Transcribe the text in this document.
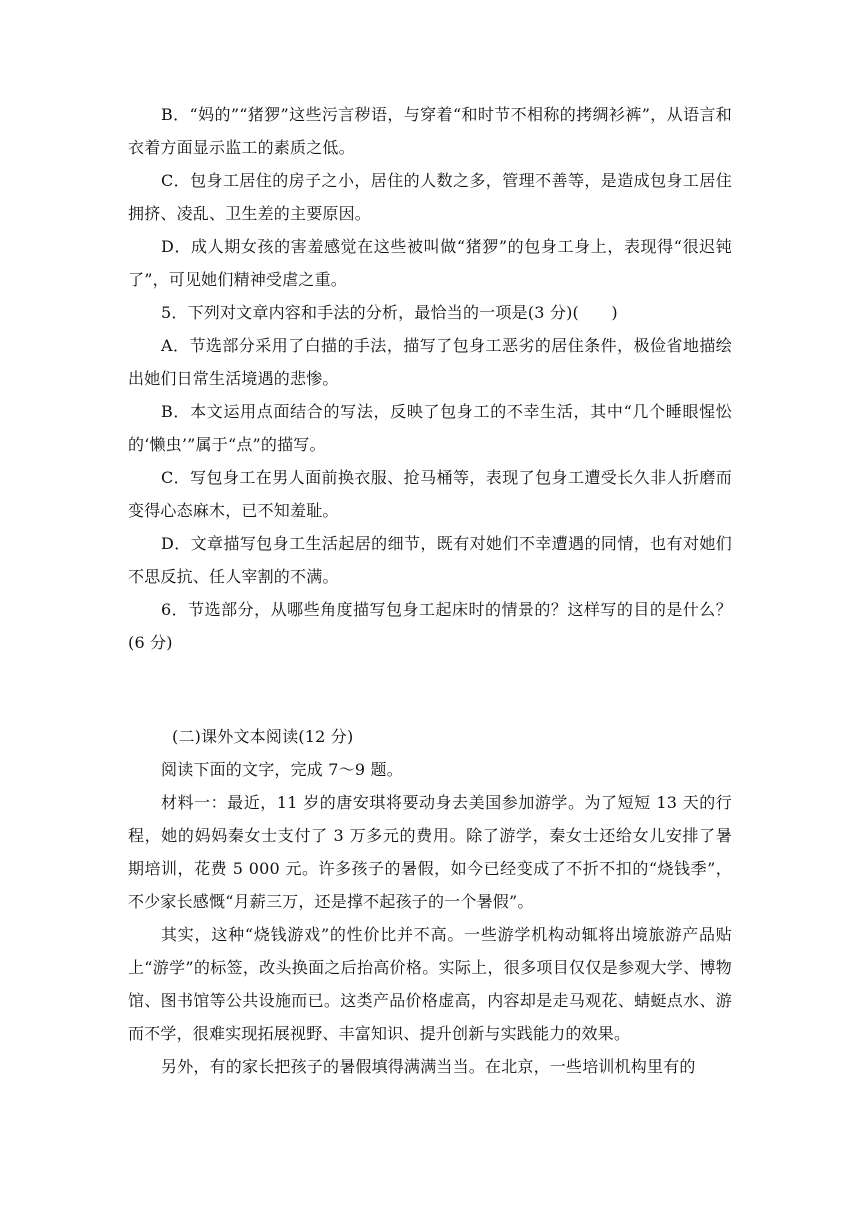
B．“妈的”“猪猡”这些污言秽语，与穿着“和时节不相称的拷绸衫裤”，从语言和衣着方面显示监工的素质之低。

C．包身工居住的房子之小，居住的人数之多，管理不善等，是造成包身工居住拥挤、凌乱、卫生差的主要原因。

D．成人期女孩的害羞感觉在这些被叫做“猪猡”的包身工身上，表现得“很迟钝了”，可见她们精神受虐之重。

5．下列对文章内容和手法的分析，最恰当的一项是(3 分)(　　)

A．节选部分采用了白描的手法，描写了包身工恶劣的居住条件，极俭省地描绘出她们日常生活境遇的悲惨。

B．本文运用点面结合的写法，反映了包身工的不幸生活，其中“几个睡眼惺忪的‘懒虫’”属于“点”的描写。

C．写包身工在男人面前换衣服、抢马桶等，表现了包身工遭受长久非人折磨而变得心态麻木，已不知羞耻。

D．文章描写包身工生活起居的细节，既有对她们不幸遭遇的同情，也有对她们不思反抗、任人宰割的不满。

6．节选部分，从哪些角度描写包身工起床时的情景的？这样写的目的是什么？(6 分)

(二)课外文本阅读(12 分)

阅读下面的文字，完成 7～9 题。

材料一：最近，11 岁的唐安琪将要动身去美国参加游学。为了短短 13 天的行程，她的妈妈秦女士支付了 3 万多元的费用。除了游学，秦女士还给女儿安排了暑期培训，花费 5 000 元。许多孩子的暑假，如今已经变成了不折不扣的“烧钱季”，不少家长感慨“月薪三万，还是撑不起孩子的一个暑假”。

其实，这种“烧钱游戏”的性价比并不高。一些游学机构动辄将出境旅游产品贴上“游学”的标签，改头换面之后抬高价格。实际上，很多项目仅仅是参观大学、博物馆、图书馆等公共设施而已。这类产品价格虚高，内容却是走马观花、蜻蜓点水、游而不学，很难实现拓展视野、丰富知识、提升创新与实践能力的效果。

另外，有的家长把孩子的暑假填得满满当当。在北京，一些培训机构里有的
